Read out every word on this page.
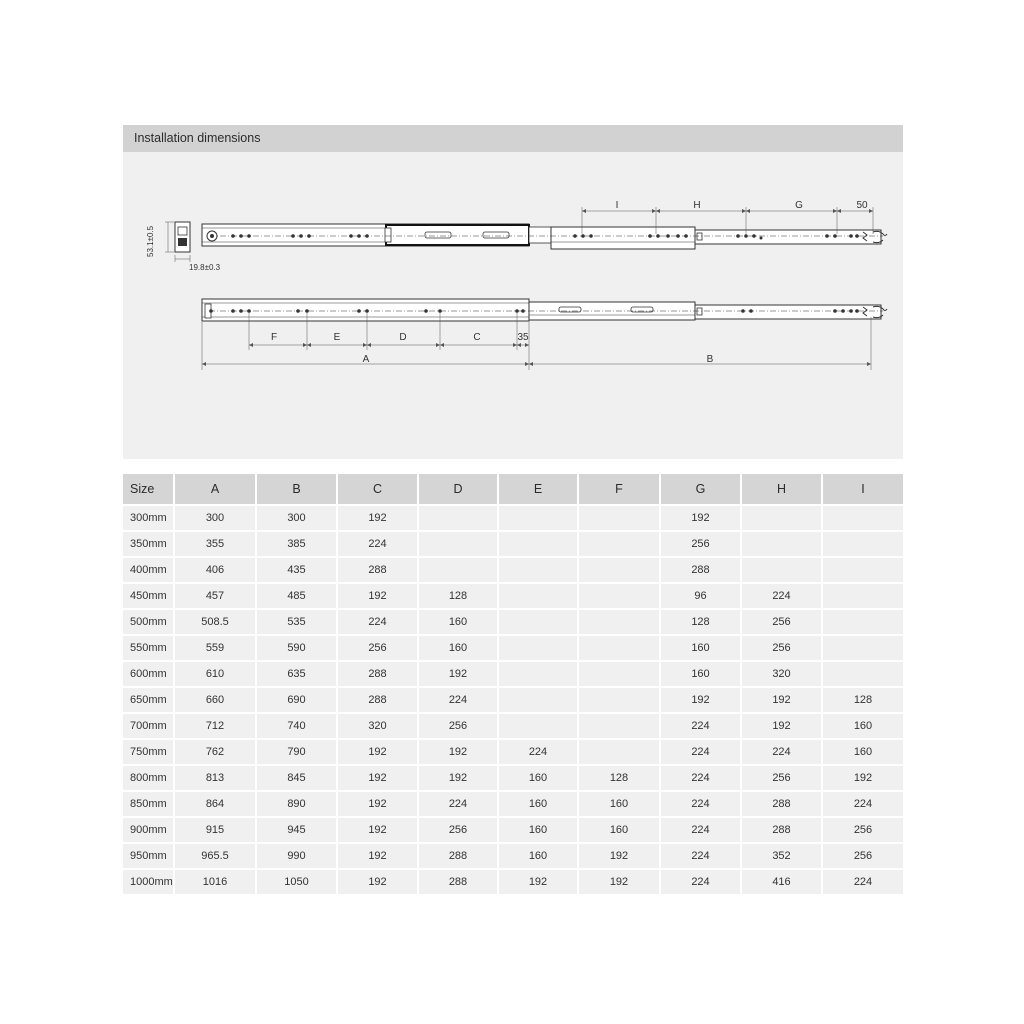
Installation dimensions
53.1±0.5
19.8±0.3
I	H	G	50
F	E	D	C	35
A	B
Size	A	B	C	D	E	F	G	H	I
300mm	300	300	192				192		
350mm	355	385	224				256		
400mm	406	435	288				288		
450mm	457	485	192	128			96	224	
500mm	508.5	535	224	160			128	256	
550mm	559	590	256	160			160	256	
600mm	610	635	288	192			160	320	
650mm	660	690	288	224			192	192	128
700mm	712	740	320	256			224	192	160
750mm	762	790	192	192	224		224	224	160
800mm	813	845	192	192	160	128	224	256	192
850mm	864	890	192	224	160	160	224	288	224
900mm	915	945	192	256	160	160	224	288	256
950mm	965.5	990	192	288	160	192	224	352	256
1000mm	1016	1050	192	288	192	192	224	416	224
